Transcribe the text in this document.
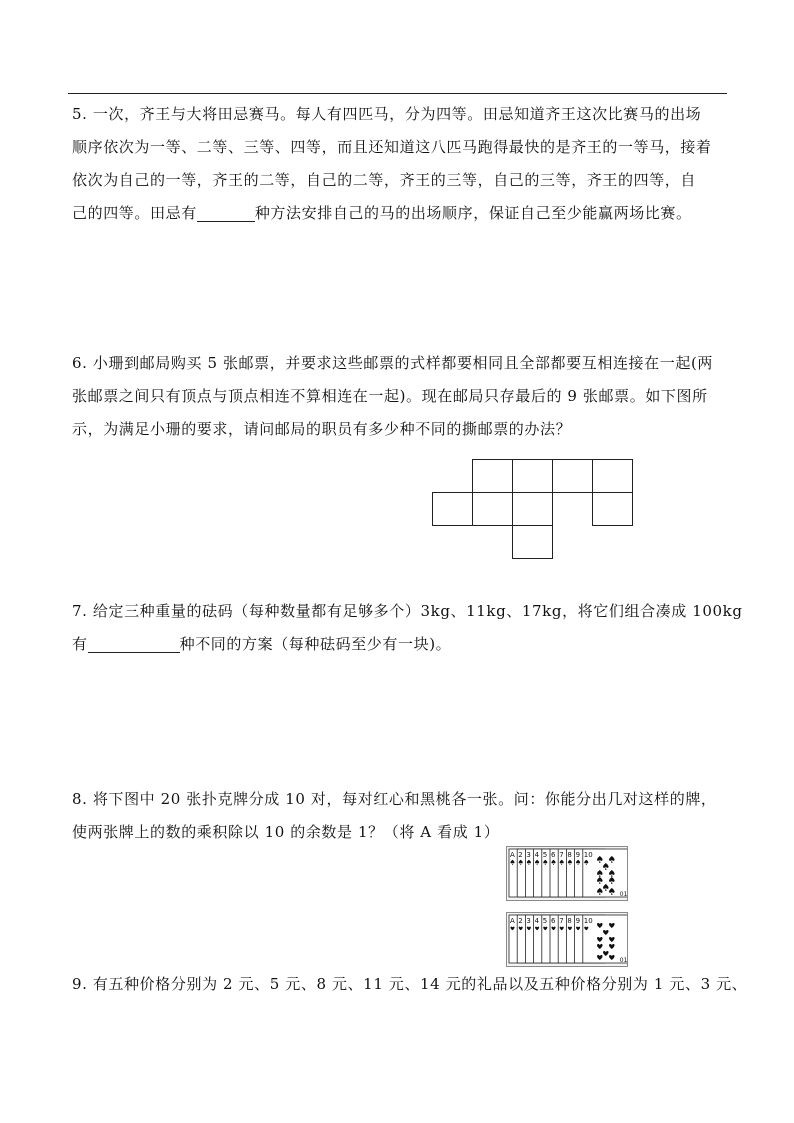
5. 一次，齐王与大将田忌赛马。每人有四匹马，分为四等。田忌知道齐王这次比赛马的出场
顺序依次为一等、二等、三等、四等，而且还知道这八匹马跑得最快的是齐王的一等马，接着
依次为自己的一等，齐王的二等，自己的二等，齐王的三等，自己的三等，齐王的四等，自
己的四等。田忌有	种方法安排自己的马的出场顺序，保证自己至少能赢两场比赛。
6. 小珊到邮局购买 5 张邮票，并要求这些邮票的式样都要相同且全部都要互相连接在一起(两
张邮票之间只有顶点与顶点相连不算相连在一起)。现在邮局只存最后的 9 张邮票。如下图所
示，为满足小珊的要求，请问邮局的职员有多少种不同的撕邮票的办法？
7. 给定三种重量的砝码（每种数量都有足够多个）3kg、11kg、17kg，将它们组合凑成 100kg
有	种不同的方案（每种砝码至少有一块)。
8. 将下图中 20 张扑克牌分成 10 对，每对红心和黑桃各一张。问：你能分出几对这样的牌，
使两张牌上的数的乘积除以 10 的余数是 1？（将 A 看成 1）
A 2 3 4 5 6 7 8 9 10
01
A 2 3 4 5 6 7 8 9 10
01
9. 有五种价格分别为 2 元、5 元、8 元、11 元、14 元的礼品以及五种价格分别为 1 元、3 元、
